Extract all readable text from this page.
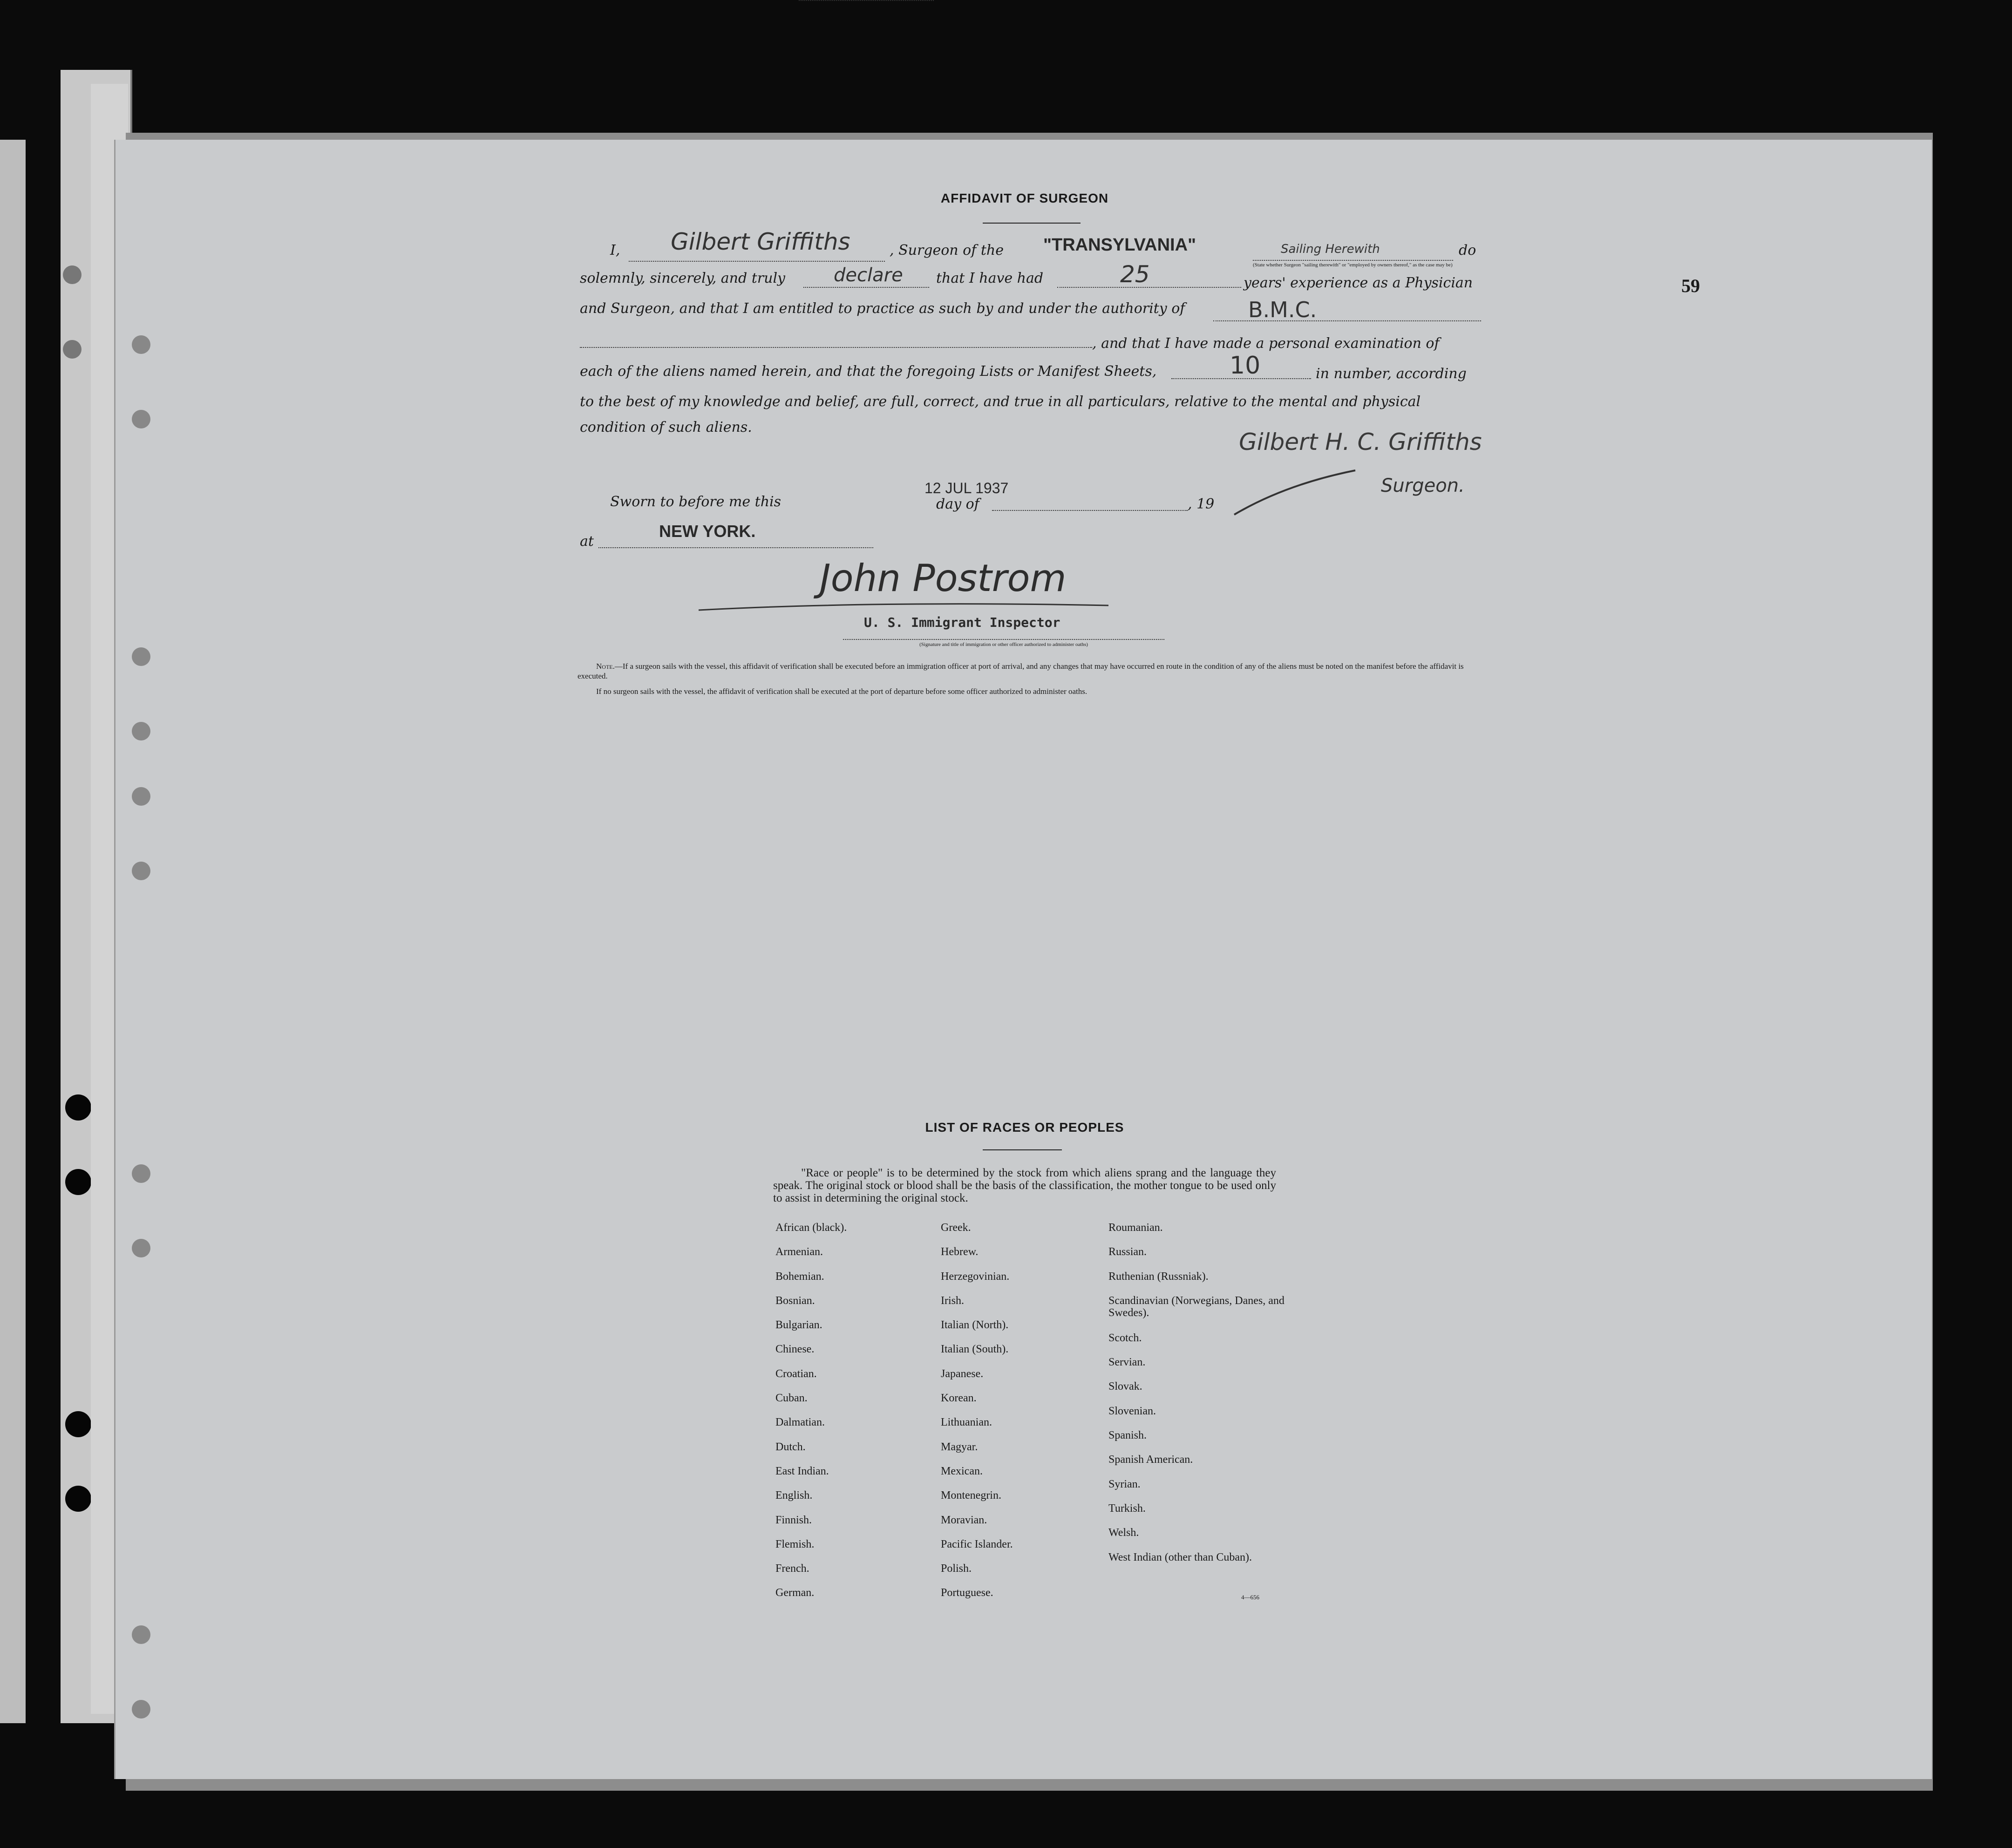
59
AFFIDAVIT OF SURGEON
I, Gilbert Griffiths	, Surgeon of the "TRANSYLVANIA"	Sailing Herewith
(State whether Surgeon "sailing therewith" or "employed by owners thereof," as the case may be)
do
solemnly, sincerely, and truly	declare that I have had	25	years' experience as a Physician
and Surgeon, and that I am entitled to practice as such by and under the authority of	B.M.C.
, and that I have made a personal examination of
each of the aliens named herein, and that the foregoing Lists or Manifest Sheets,	10	in number, according
to the best of my knowledge and belief, are full, correct, and true in all particulars, relative to the mental and physical
condition of such aliens.
Gilbert H. C. Griffiths
Surgeon.
Sworn to before me this
12 JUL 1937
day of	, 19
at
NEW YORK.
John Postrom
U. S. Immigrant Inspector
(Signature and title of immigration or other officer authorized to administer oaths)
Note.—If a surgeon sails with the vessel, this affidavit of verification shall be executed before an immigration officer at port of arrival, and any changes that may have occurred en route in the condition of any of the aliens must be noted on the manifest before the affidavit is executed.
If no surgeon sails with the vessel, the affidavit of verification shall be executed at the port of departure before some officer authorized to administer oaths.
LIST OF RACES OR PEOPLES
"Race or people" is to be determined by the stock from which aliens sprang and the language they speak. The original stock or blood shall be the basis of the classification, the mother tongue to be used only to assist in determining the original stock.
African (black).
Armenian.
Bohemian.
Bosnian.
Bulgarian.
Chinese.
Croatian.
Cuban.
Dalmatian.
Dutch.
East Indian.
English.
Finnish.
Flemish.
French.
German.
Greek.
Hebrew.
Herzegovinian.
Irish.
Italian (North).
Italian (South).
Japanese.
Korean.
Lithuanian.
Magyar.
Mexican.
Montenegrin.
Moravian.
Pacific Islander.
Polish.
Portuguese.
Roumanian.
Russian.
Ruthenian (Russniak).
Scandinavian (Norwegians, Danes, and Swedes).
Scotch.
Servian.
Slovak.
Slovenian.
Spanish.
Spanish American.
Syrian.
Turkish.
Welsh.
West Indian (other than Cuban).
4—656
